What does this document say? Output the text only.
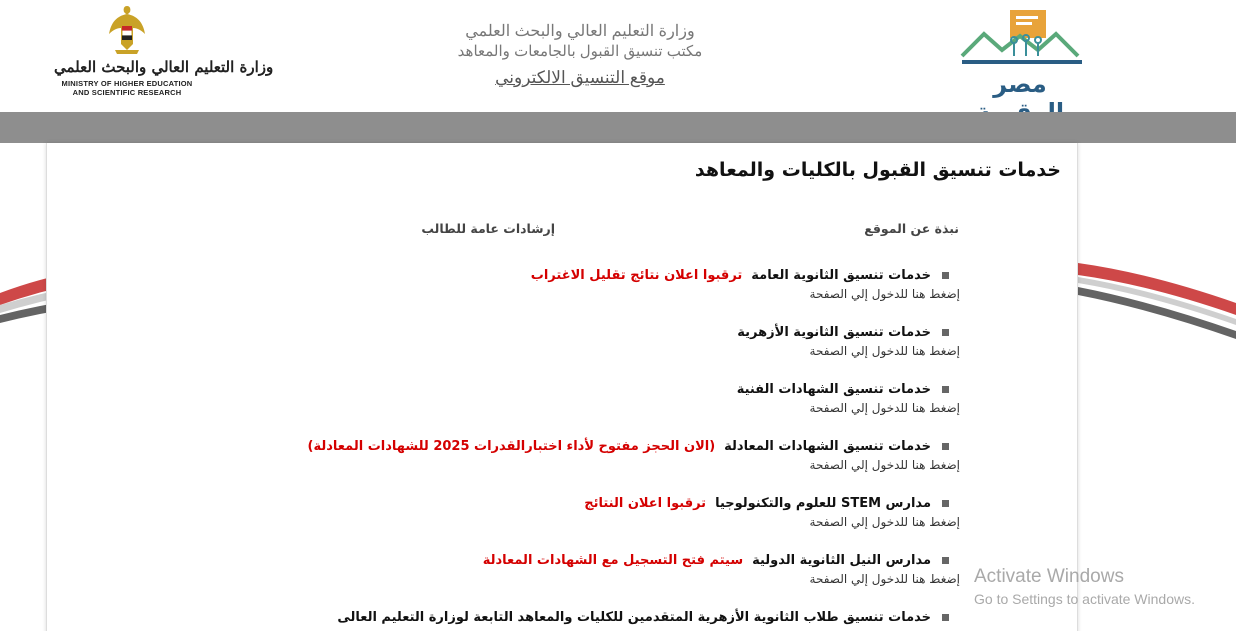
وزارة التعليم العالي والبحث العلمي
MINISTRY OF HIGHER EDUCATION
AND SCIENTIFIC RESEARCH
وزارة التعليم العالي والبحث العلمي
مكتب تنسيق القبول بالجامعات والمعاهد
موقع التنسيق الالكتروني	مصر
خدمات تنسيق القبول بالكليات والمعاهد
نبذة عن الموقع
إرشادات عامة للطالب
خدمات تنسيق الثانوية العامة
ترقبوا اعلان نتائج تقليل الاغتراب
إضغط هنا للدخول إلي الصفحة
خدمات تنسيق الثانوية الأزهرية
إضغط هنا للدخول إلي الصفحة
خدمات تنسيق الشهادات الفنية
إضغط هنا للدخول إلي الصفحة
خدمات تنسيق الشهادات المعادلة
(الان الحجز مفتوح لأداء اختبارالقدرات 2025 للشهادات المعادلة)
إضغط هنا للدخول إلي الصفحة
مدارس STEM للعلوم والتكنولوجيا
ترقبوا اعلان النتائج
إضغط هنا للدخول إلي الصفحة
مدارس النيل الثانوية الدولية
سيتم فتح التسجيل مع الشهادات المعادلة
إضغط هنا للدخول إلي الصفحة
خدمات تنسيق طلاب الثانوية الأزهرية المتقدمين للكليات والمعاهد التابعة لوزارة التعليم العالى
Activate Windows
Go to Settings to activate Windows.
